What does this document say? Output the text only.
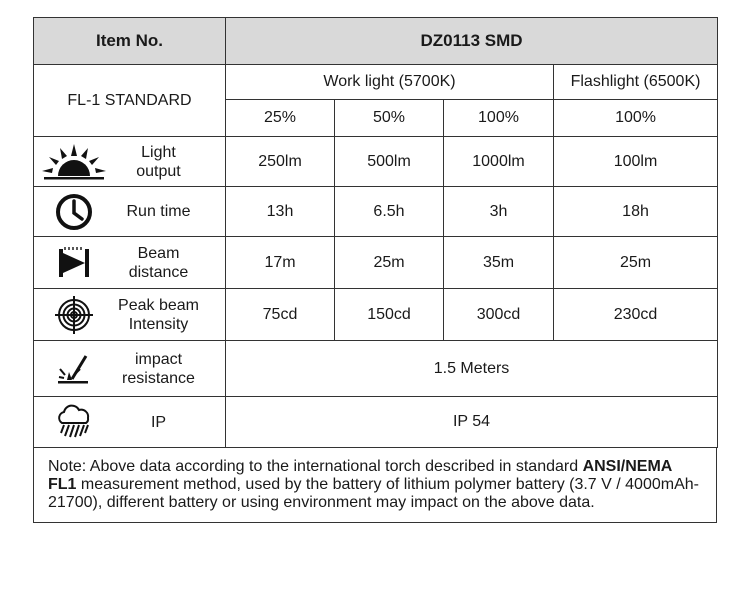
Item No.	DZ0113 SMD			
FL-1 STANDARD	Work light (5700K)			Flashlight (6500K)
	25%	50%	100%	100%

Light
output	250lm	500lm	1000lm	100lm

Run time	13h	6.5h	3h	18h

Beam
distance	17m	25m	35m	25m

Peak beam
Intensity	75cd	150cd	300cd	230cd

impact
resistance	1.5 Meters			

IP	IP 54			
Note: Above data according to the international torch described in standard ANSI/NEMA FL1 measurement method, used by the battery of lithium polymer battery (3.7 V / 4000mAh-21700), different battery or using environment may impact on the above data.
